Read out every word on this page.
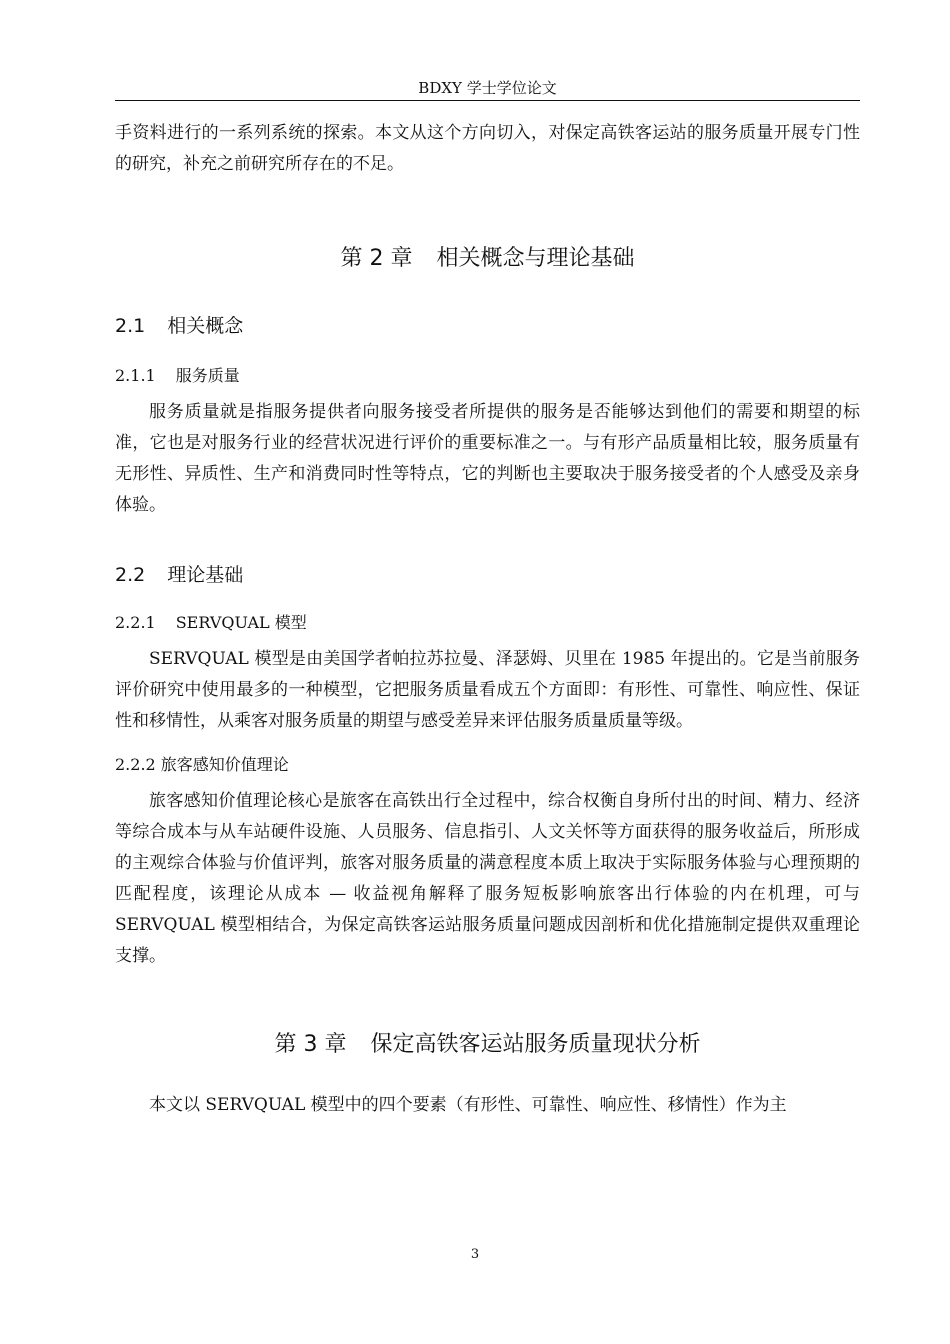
BDXY 学士学位论文

手资料进行的一系列系统的探索。本文从这个方向切入，对保定高铁客运站的服务质量开展专门性的研究，补充之前研究所存在的不足。

第 2 章 相关概念与理论基础
2.1 相关概念
2.1.1 服务质量

服务质量就是指服务提供者向服务接受者所提供的服务是否能够达到他们的需要和期望的标准，它也是对服务行业的经营状况进行评价的重要标准之一。与有形产品质量相比较，服务质量有无形性、异质性、生产和消费同时性等特点，它的判断也主要取决于服务接受者的个人感受及亲身体验。

2.2 理论基础
2.2.1 SERVQUAL 模型

SERVQUAL 模型是由美国学者帕拉苏拉曼、泽瑟姆、贝里在 1985 年提出的。它是当前服务评价研究中使用最多的一种模型，它把服务质量看成五个方面即：有形性、可靠性、响应性、保证性和移情性，从乘客对服务质量的期望与感受差异来评估服务质量质量等级。

2.2.2 旅客感知价值理论

旅客感知价值理论核心是旅客在高铁出行全过程中，综合权衡自身所付出的时间、精力、经济等综合成本与从车站硬件设施、人员服务、信息指引、人文关怀等方面获得的服务收益后，所形成的主观综合体验与价值评判，旅客对服务质量的满意程度本质上取决于实际服务体验与心理预期的匹配程度，该理论从成本 — 收益视角解释了服务短板影响旅客出行体验的内在机理，可与 SERVQUAL 模型相结合，为保定高铁客运站服务质量问题成因剖析和优化措施制定提供双重理论支撑。

第 3 章 保定高铁客运站服务质量现状分析

本文以 SERVQUAL 模型中的四个要素（有形性、可靠性、响应性、移情性）作为主

3
